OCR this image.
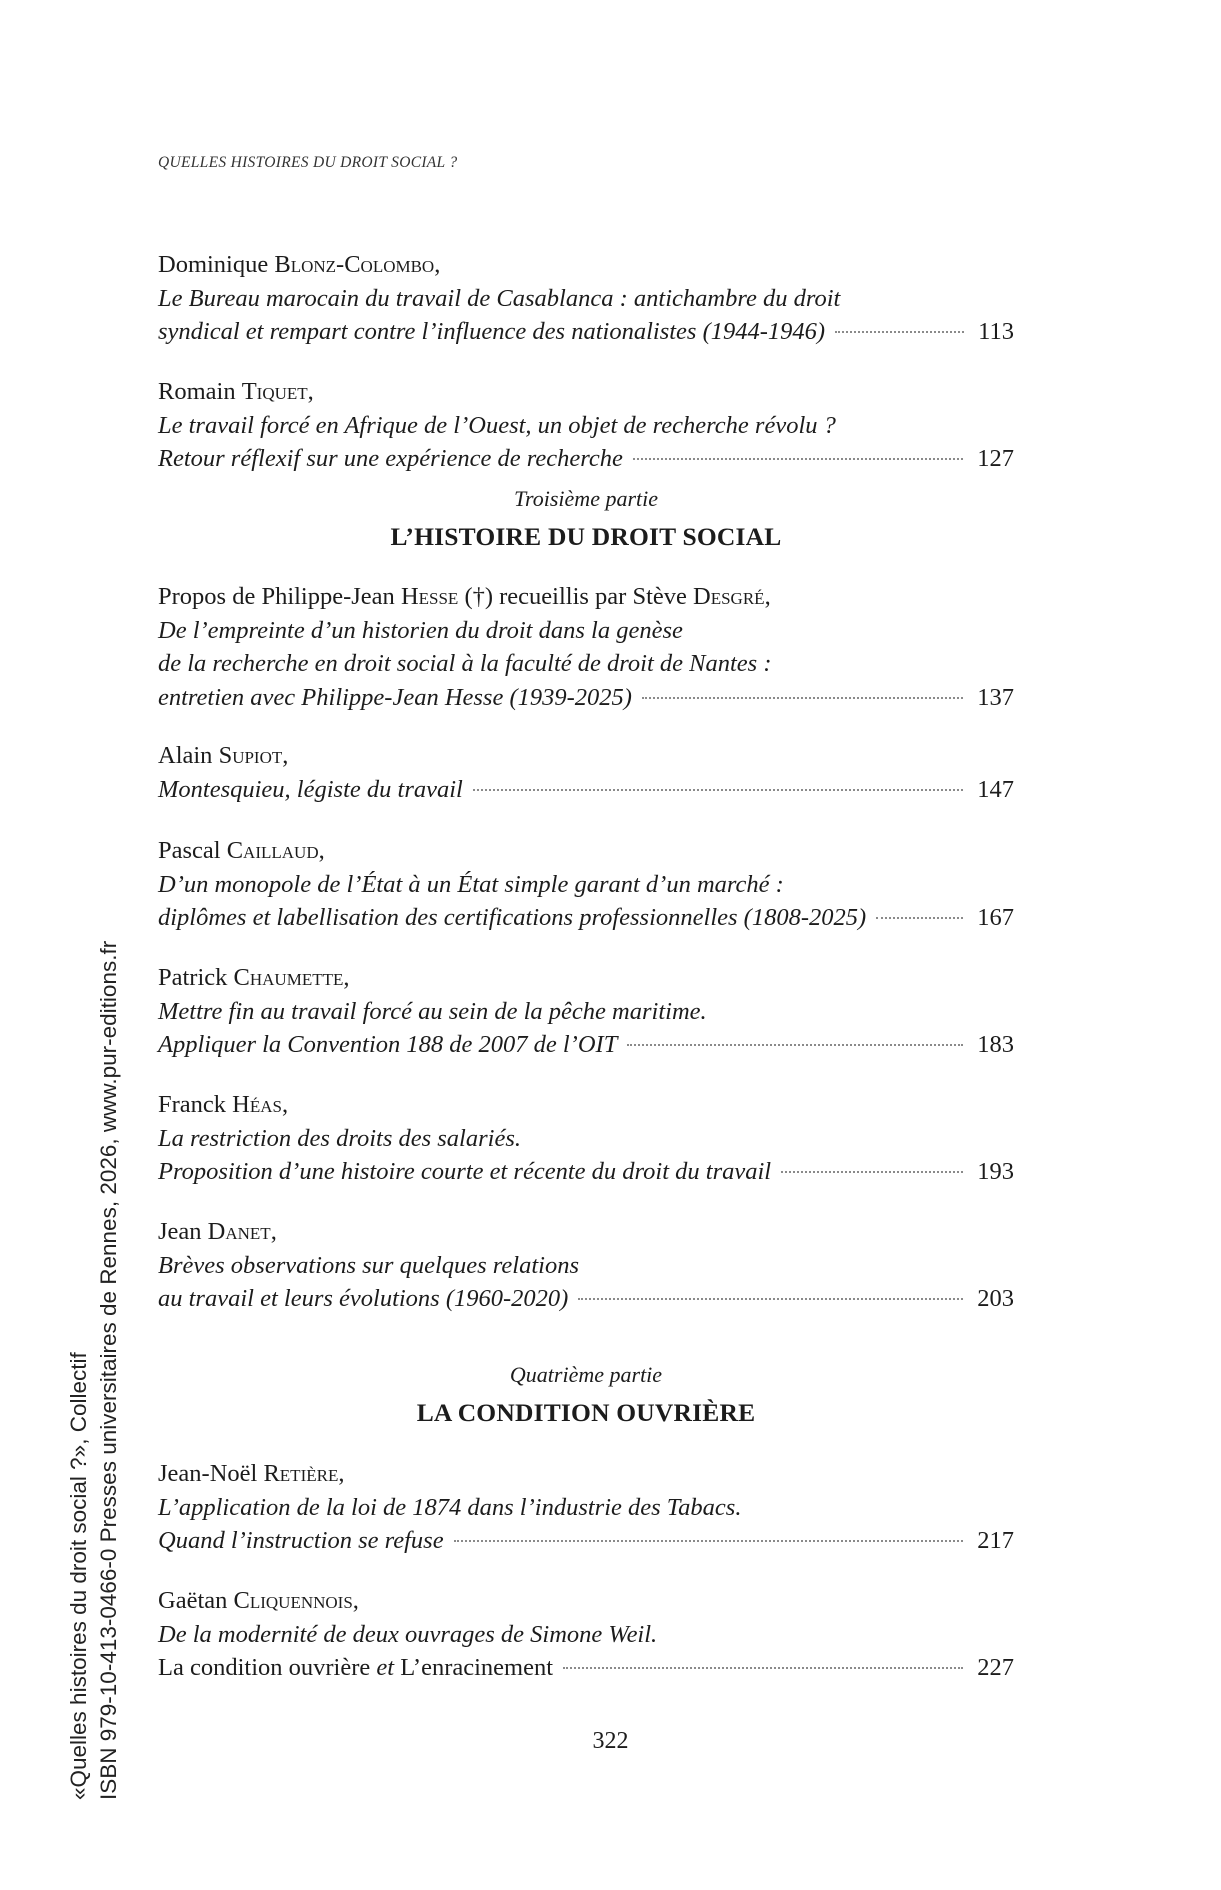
QUELLES HISTOIRES DU DROIT SOCIAL ?
Dominique Blonz-Colombo,
Le Bureau marocain du travail de Casablanca : antichambre du droit
syndical et rempart contre l’influence des nationalistes (1944-1946)	113
Romain Tiquet,
Le travail forcé en Afrique de l’Ouest, un objet de recherche révolu ?
Retour réflexif sur une expérience de recherche	127
Troisième partie
L’HISTOIRE DU DROIT SOCIAL
Propos de Philippe-Jean Hesse (†) recueillis par Stève Desgré,
De l’empreinte d’un historien du droit dans la genèse
de la recherche en droit social à la faculté de droit de Nantes :
entretien avec Philippe-Jean Hesse (1939-2025)	137
Alain Supiot,
Montesquieu, légiste du travail	147
Pascal Caillaud,
D’un monopole de l’État à un État simple garant d’un marché :
diplômes et labellisation des certifications professionnelles (1808-2025)	167
Patrick Chaumette,
Mettre fin au travail forcé au sein de la pêche maritime.
Appliquer la Convention 188 de 2007 de l’OIT	183
Franck Héas,
La restriction des droits des salariés.
Proposition d’une histoire courte et récente du droit du travail	193
Jean Danet,
Brèves observations sur quelques relations
au travail et leurs évolutions (1960-2020)	203
Quatrième partie
LA CONDITION OUVRIÈRE
Jean-Noël Retière,
L’application de la loi de 1874 dans l’industrie des Tabacs.
Quand l’instruction se refuse	217
Gaëtan Cliquennois,
De la modernité de deux ouvrages de Simone Weil.
La condition ouvrière et L’enracinement	227
322
«Quelles histoires du droit social ?», Collectif ISBN 979-10-413-0466-0 Presses universitaires de Rennes, 2026, www.pur-editions.fr
